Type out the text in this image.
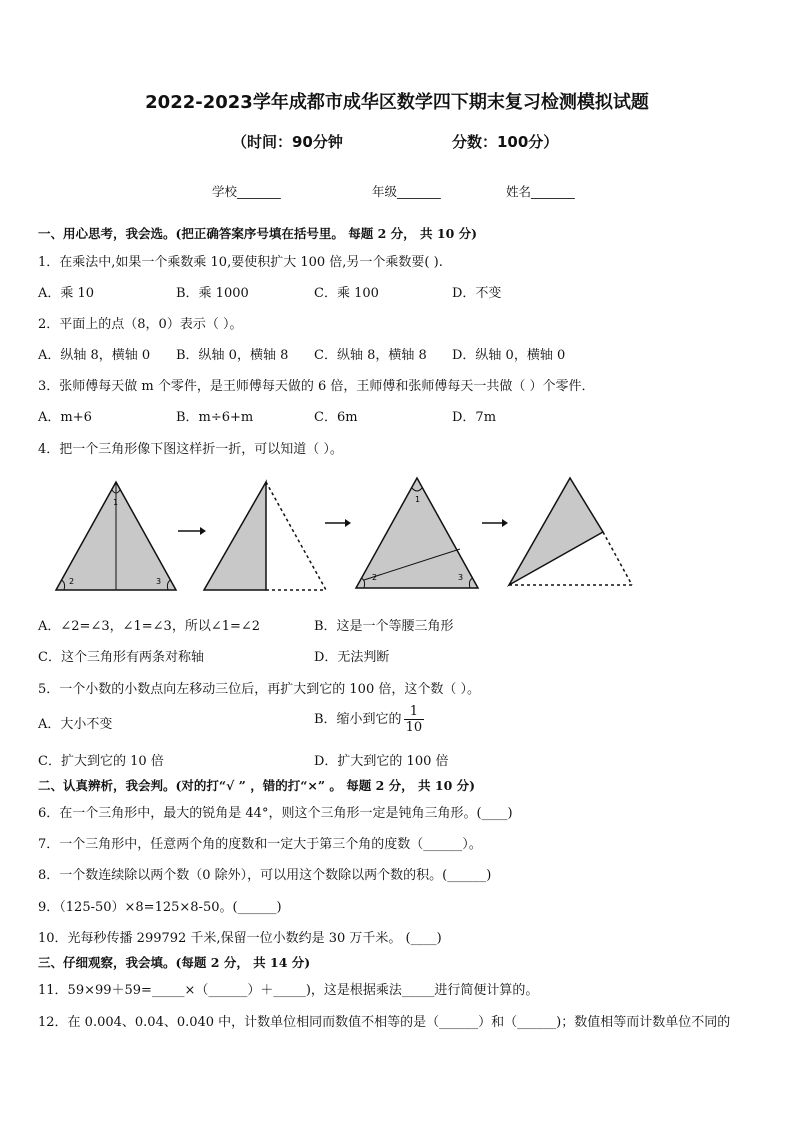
2022-2023学年成都市成华区数学四下期末复习检测模拟试题
（时间：90分钟	分数：100分）
学校_______	年级_______	姓名_______
一、用心思考，我会选。(把正确答案序号填在括号里。 每题 2 分， 共 10 分)
1．在乘法中,如果一个乘数乘 10,要使积扩大 100 倍,另一个乘数要( ).
A．乘 10	B．乘 1000	C．乘 100	D．不变
2．平面上的点（8，0）表示（ ）。
A．纵轴 8，横轴 0 B．纵轴 0，横轴 8 C．纵轴 8，横轴 8 D．纵轴 0，横轴 0
3．张师傅每天做 m 个零件，是王师傅每天做的 6 倍，王师傅和张师傅每天一共做（ ）个零件．
A．m+6	B．m÷6+m	C．6m	D．7m
4．把一个三角形像下图这样折一折，可以知道（ ）。
1
2	3
1
2	3
A．∠2=∠3，∠1=∠3，所以∠1=∠2	B．这是一个等腰三角形
C．这个三角形有两条对称轴	D．无法判断
5．一个小数的小数点向左移动三位后，再扩大到它的 100 倍，这个数（ ）。
A．大小不变	B．缩小到它的 $\frac{1}{10}$
C．扩大到它的 10 倍	D．扩大到它的 100 倍
二、认真辨析，我会判。(对的打“√ ” ，错的打“×” 。 每题 2 分， 共 10 分)
6．在一个三角形中，最大的锐角是 44°，则这个三角形一定是钝角三角形。(____)
7．一个三角形中，任意两个角的度数和一定大于第三个角的度数（______）。
8．一个数连续除以两个数（0 除外），可以用这个数除以两个数的积。(______)
9．（125-50）×8=125×8-50。(______)
10．光每秒传播 299792 千米,保留一位小数约是 30 万千米。 (____)
三、仔细观察，我会填。(每题 2 分， 共 14 分)
11．59×99＋59=_____×（______）＋_____)，这是根据乘法_____进行简便计算的。
12．在 0.004、0.04、0.040 中，计数单位相同而数值不相等的是（______）和（______)；数值相等而计数单位不同的
